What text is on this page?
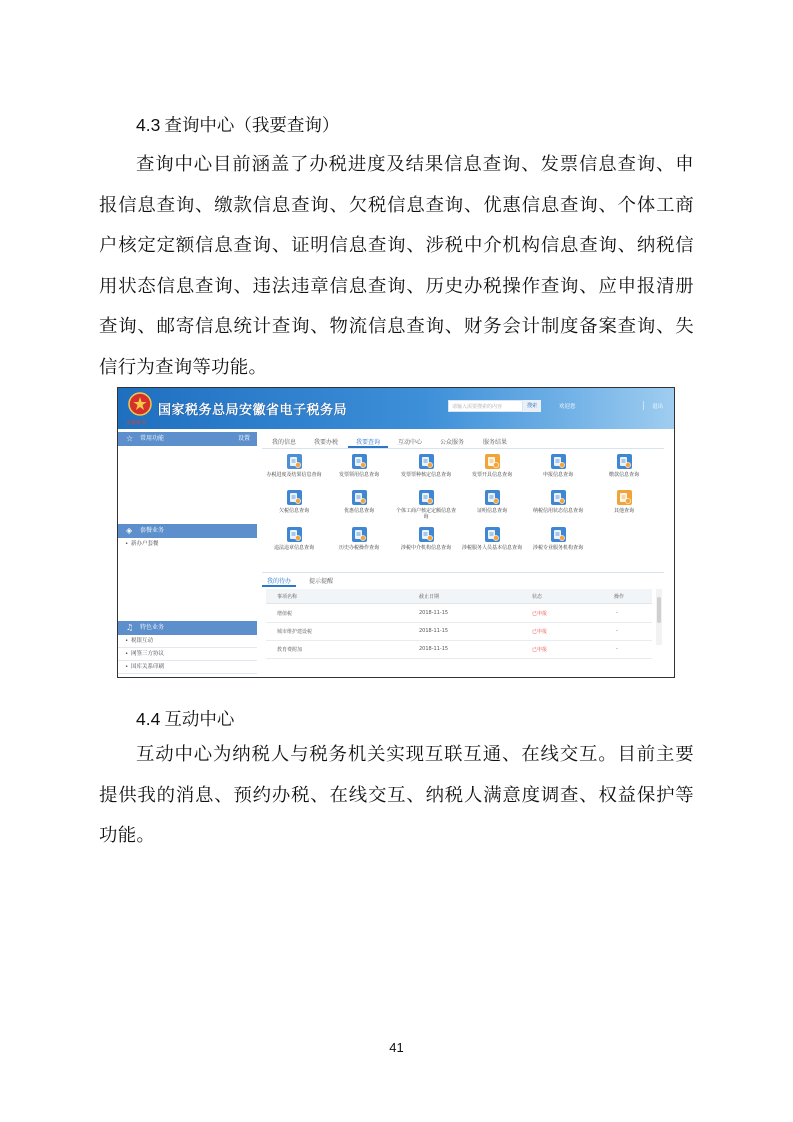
4.3 查询中心（我要查询）

查询中心目前涵盖了办税进度及结果信息查询、发票信息查询、申报信息查询、缴款信息查询、欠税信息查询、优惠信息查询、个体工商户核定定额信息查询、证明信息查询、涉税中介机构信息查询、纳税信用状态信息查询、违法违章信息查询、历史办税操作查询、应申报清册查询、邮寄信息统计查询、物流信息查询、财务会计制度备案查询、失信行为查询等功能。

安徽税务
国家税务总局安徽省电子税务局	请输入需要搜索的内容	搜索	欢迎您	退出
☆ 常用功能	设置
◈ 套餐业务
• 新办户套餐
♫ 特色业务
• 税银互动
• 网签三方协议
• 国库关系印刷
我的信息	我要办税	我要查询	互动中心	公众服务	服务结果
办税进度及结果信息查询	发票领用信息查询	发票票种核定信息查询	发票开具信息查询	申报信息查询	缴款信息查询
欠税信息查询	优惠信息查询	个体工商户核定定额信息查询
证明信息查询	纳税信用状态信息查询	其他查询
违法违章信息查询	历史办税操作查询	涉税中介机构信息查询	涉税服务人员基本信息查询	涉税专业服务机构查询
我的待办	提示提醒
事项名称	截止日期	状态	操作
增值税	2018-11-15	已申报	-
城市维护建设税	2018-11-15	已申报	-
教育费附加	2018-11-15	已申报	-
4.4 互动中心

互动中心为纳税人与税务机关实现互联互通、在线交互。目前主要提供我的消息、预约办税、在线交互、纳税人满意度调查、权益保护等功能。

41
